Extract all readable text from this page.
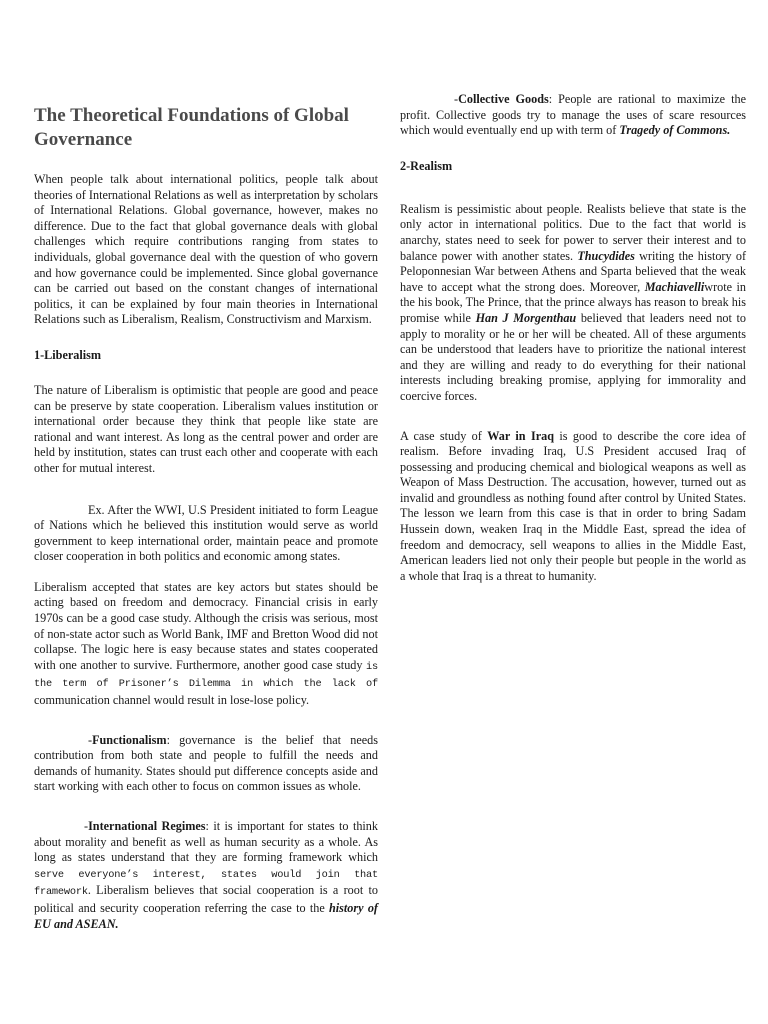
The Theoretical Foundations of Global Governance

When people talk about international politics, people talk about theories of International Relations as well as interpretation by scholars of International Relations. Global governance, however, makes no difference. Due to the fact that global governance deals with global challenges which require contributions ranging from states to individuals, global governance deal with the question of who govern and how governance could be implemented. Since global governance can be carried out based on the constant changes of international politics, it can be explained by four main theories in International Relations such as Liberalism, Realism, Constructivism and Marxism.

1-Liberalism

The nature of Liberalism is optimistic that people are good and peace can be preserve by state cooperation. Liberalism values institution or international order because they think that people like state are rational and want interest. As long as the central power and order are held by institution, states can trust each other and cooperate with each other for mutual interest.

Ex. After the WWI, U.S President initiated to form League of Nations which he believed this institution would serve as world government to keep international order, maintain peace and promote closer cooperation in both politics and economic among states.

Liberalism accepted that states are key actors but states should be acting based on freedom and democracy. Financial crisis in early 1970s can be a good case study. Although the crisis was serious, most of non-state actor such as World Bank, IMF and Bretton Wood did not collapse. The logic here is easy because states and states cooperated with one another to survive. Furthermore, another good case study is the term of Prisoner’s Dilemma in which the lack of communication channel would result in lose-lose policy.

-Functionalism: governance is the belief that needs contribution from both state and people to fulfill the needs and demands of humanity. States should put difference concepts aside and start working with each other to focus on common issues as whole.

-International Regimes: it is important for states to think about morality and benefit as well as human security as a whole. As long as states understand that they are forming framework which serve everyone’s interest, states would join that framework. Liberalism believes that social cooperation is a root to political and security cooperation referring the case to the history of EU and ASEAN.

-Collective Goods: People are rational to maximize the profit. Collective goods try to manage the uses of scare resources which would eventually end up with term of Tragedy of Commons.

2-Realism

Realism is pessimistic about people. Realists believe that state is the only actor in international politics. Due to the fact that world is anarchy, states need to seek for power to server their interest and to balance power with another states. Thucydides writing the history of Peloponnesian War between Athens and Sparta believed that the weak have to accept what the strong does. Moreover, Machiavelliwrote in the his book, The Prince, that the prince always has reason to break his promise while Han J Morgenthau believed that leaders need not to apply to morality or he or her will be cheated. All of these arguments can be understood that leaders have to prioritize the national interest and they are willing and ready to do everything for their national interests including breaking promise, applying for immorality and coercive forces.

A case study of War in Iraq is good to describe the core idea of realism. Before invading Iraq, U.S President accused Iraq of possessing and producing chemical and biological weapons as well as Weapon of Mass Destruction. The accusation, however, turned out as invalid and groundless as nothing found after control by United States. The lesson we learn from this case is that in order to bring Sadam Hussein down, weaken Iraq in the Middle East, spread the idea of freedom and democracy, sell weapons to allies in the Middle East, American leaders lied not only their people but people in the world as a whole that Iraq is a threat to humanity.
